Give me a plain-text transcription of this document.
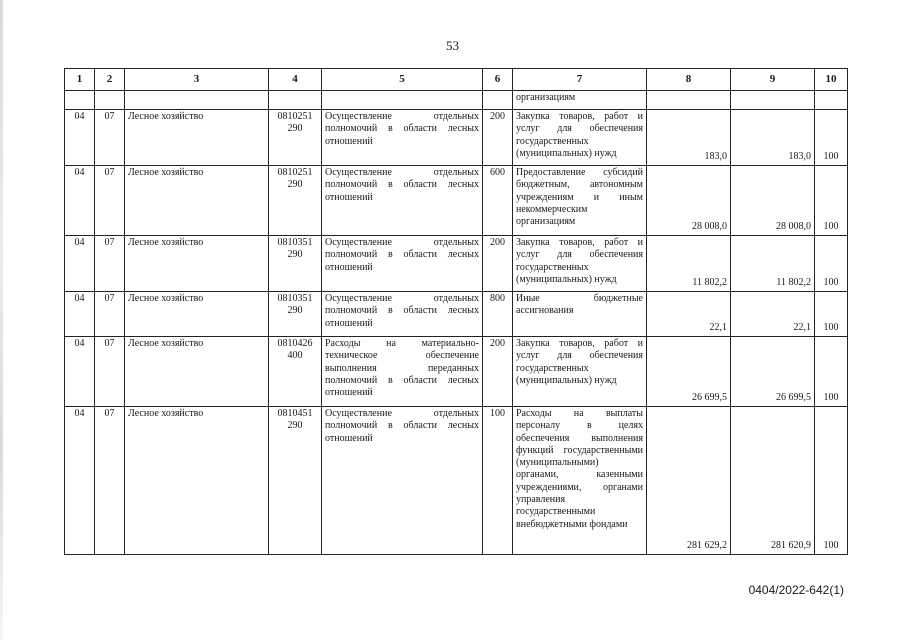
53
1	2	3	4	5	6	7	8	9	10
						организациям			
04	07	Лесное хозяйство	0810251 290	Осуществление отдельных полномочий в области лесных отношений	200	Закупка товаров, работ и услуг для обеспечения государственных (муниципальных) нужд	183,0	183,0	100
04	07	Лесное хозяйство	0810251 290	Осуществление отдельных полномочий в области лесных отношений	600	Предоставление субсидий бюджетным, автономным учреждениям и иным некоммерческим организациям	28 008,0	28 008,0	100
04	07	Лесное хозяйство	0810351 290	Осуществление отдельных полномочий в области лесных отношений	200	Закупка товаров, работ и услуг для обеспечения государственных (муниципальных) нужд	11 802,2	11 802,2	100
04	07	Лесное хозяйство	0810351 290	Осуществление отдельных полномочий в области лесных отношений	800	Иные бюджетные ассигнования	22,1	22,1	100
04	07	Лесное хозяйство	0810426 400	Расходы на материально-техническое обеспечение выполнения переданных полномочий в области лесных отношений	200	Закупка товаров, работ и услуг для обеспечения государственных (муниципальных) нужд	26 699,5	26 699,5	100
04	07	Лесное хозяйство	0810451 290	Осуществление отдельных полномочий в области лесных отношений	100	Расходы на выплаты персоналу в целях обеспечения выполнения функций государственными (муниципальными) органами, казенными учреждениями, органами управления государственными внебюджетными фондами	281 629,2	281 620,9	100
0404/2022-642(1)
